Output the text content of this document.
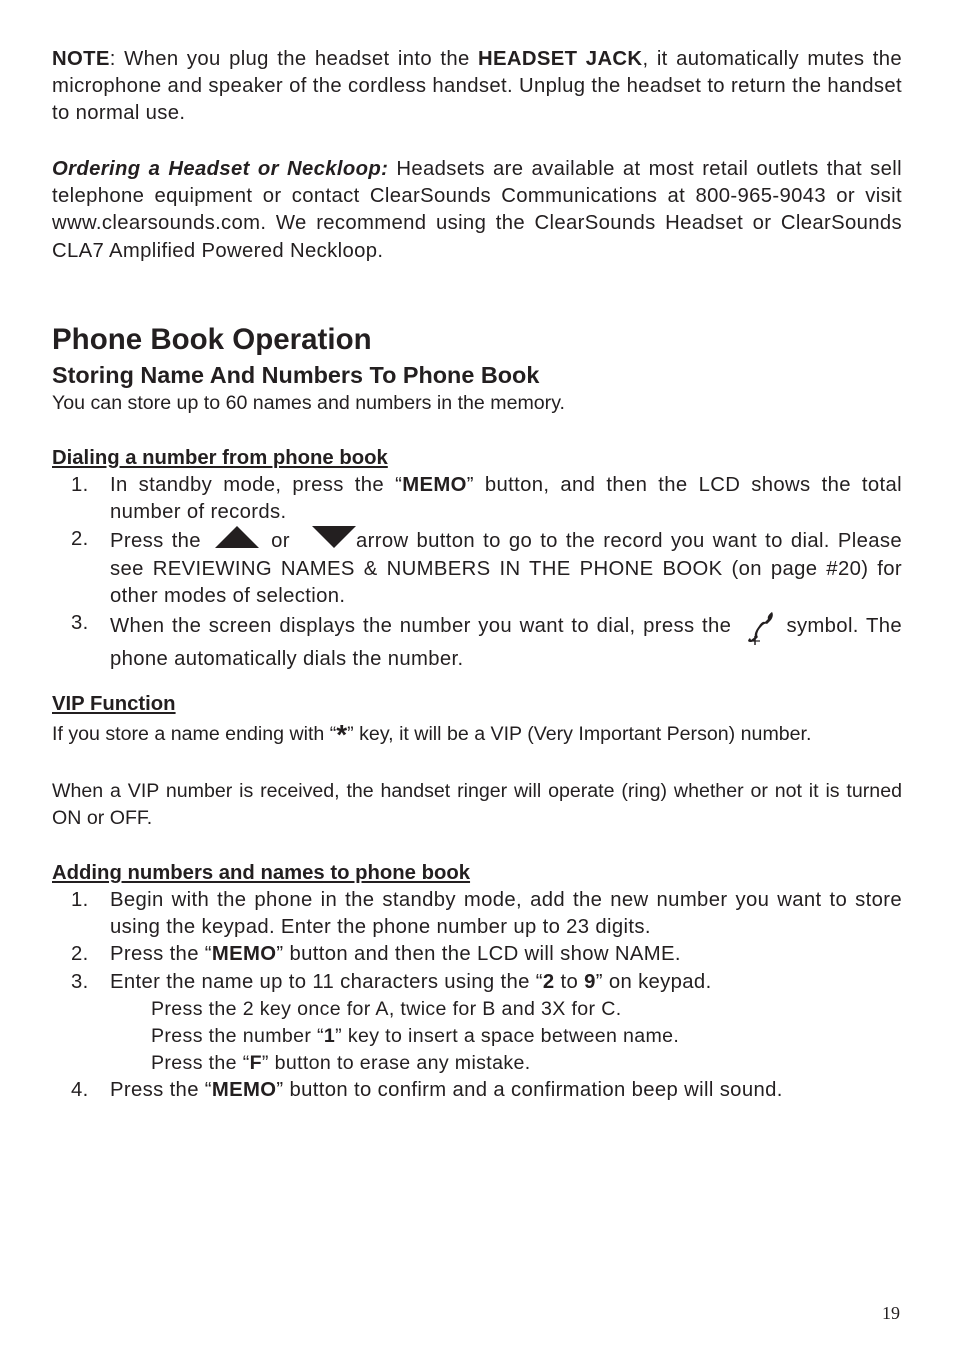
NOTE: When you plug the headset into the HEADSET JACK, it automatically mutes the microphone and speaker of the cordless handset. Unplug the headset to return the handset to normal use.

Ordering a Headset or Neckloop: Headsets are available at most retail outlets that sell telephone equipment or contact ClearSounds Communications at 800-965-9043 or visit www.clearsounds.com. We recommend using the ClearSounds Headset or ClearSounds CLA7 Amplified Powered Neckloop.

Phone Book Operation
Storing Name And Numbers To Phone Book

You can store up to 60 names and numbers in the memory.

Dialing a number from phone book
1. In standby mode, press the “MEMO” button, and then the LCD shows the total number of records.
2. Press the	or	arrow button to go to the record you want to dial. Please see REVIEWING NAMES & NUMBERS IN THE PHONE BOOK (on page #20) for other modes of selection.
3. When the screen displays the number you want to dial, press the  symbol. The phone automatically dials the number.
VIP Function

If you store a name ending with “*” key, it will be a VIP (Very Important Person) number.

When a VIP number is received, the handset ringer will operate (ring) whether or not it is turned ON or OFF.

Adding numbers and names to phone book
1. Begin with the phone in the standby mode, add the new number you want to store using the keypad. Enter the phone number up to 23 digits.
2. Press the “MEMO” button and then the LCD will show NAME.
3. Enter the name up to 11 characters using the “2 to 9” on keypad.
Press the 2 key once for A, twice for B and 3X for C.
Press the number “1” key to insert a space between name.
Press the “F” button to erase any mistake.
4. Press the “MEMO” button to confirm and a confirmation beep will sound.
19
